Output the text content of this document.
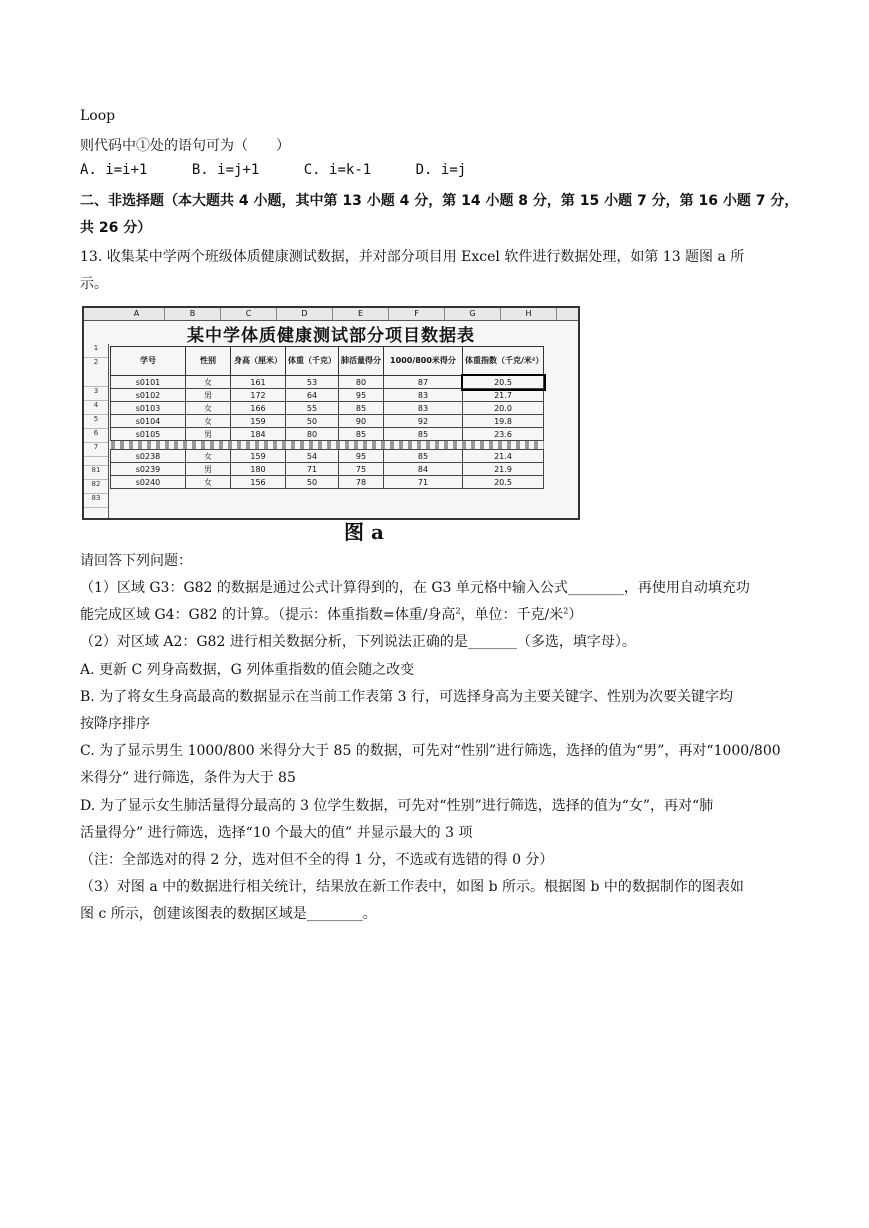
Loop
则代码中①处的语句可为（　　）
A. i=i+1	B. i=j+1	C. i=k-1	D. i=j
二、非选择题（本大题共 4 小题，其中第 13 小题 4 分，第 14 小题 8 分，第 15 小题 7 分，第 16 小题 7 分，
共 26 分）
13. 收集某中学两个班级体质健康测试数据，并对部分项目用 Excel 软件进行数据处理，如第 13 题图 a 所
示。
A	B	C	D	E	F	G	H
某中学体质健康测试部分项目数据表
1
2
3
4
5
6
7
81
82
83
学号	性别	身高（厘米）	体重（千克）	肺活量得分	1000/800米得分	体重指数（千克/米²）
s0101	女	161	53	80	87	20.5
s0102	男	172	64	95	83	21.7
s0103	女	166	55	85	83	20.0
s0104	女	159	50	90	92	19.8
s0105	男	184	80	85	85	23.6

s0238	女	159	54	95	85	21.4
s0239	男	180	71	75	84	21.9
s0240	女	156	50	78	71	20.5
图 a
请回答下列问题：
（1）区域 G3：G82 的数据是通过公式计算得到的，在 G3 单元格中输入公式________，再使用自动填充功
能完成区域 G4：G82 的计算。（提示：体重指数=体重/身高$^2$，单位：千克/米$^2$）
（2）对区域 A2：G82 进行相关数据分析，下列说法正确的是_______（多选，填字母）。
A. 更新 C 列身高数据，G 列体重指数的值会随之改变
B. 为了将女生身高最高的数据显示在当前工作表第 3 行，可选择身高为主要关键字、性别为次要关键字均
按降序排序
C. 为了显示男生 1000/800 米得分大于 85 的数据，可先对“性别”进行筛选，选择的值为“男”，再对“1000/800
米得分” 进行筛选，条件为大于 85
D. 为了显示女生肺活量得分最高的 3 位学生数据，可先对“性别”进行筛选，选择的值为“女”，再对“肺
活量得分” 进行筛选，选择“10 个最大的值” 并显示最大的 3 项
（注：全部选对的得 2 分，选对但不全的得 1 分，不选或有选错的得 0 分）
（3）对图 a 中的数据进行相关统计，结果放在新工作表中，如图 b 所示。根据图 b 中的数据制作的图表如
图 c 所示，创建该图表的数据区域是________。
